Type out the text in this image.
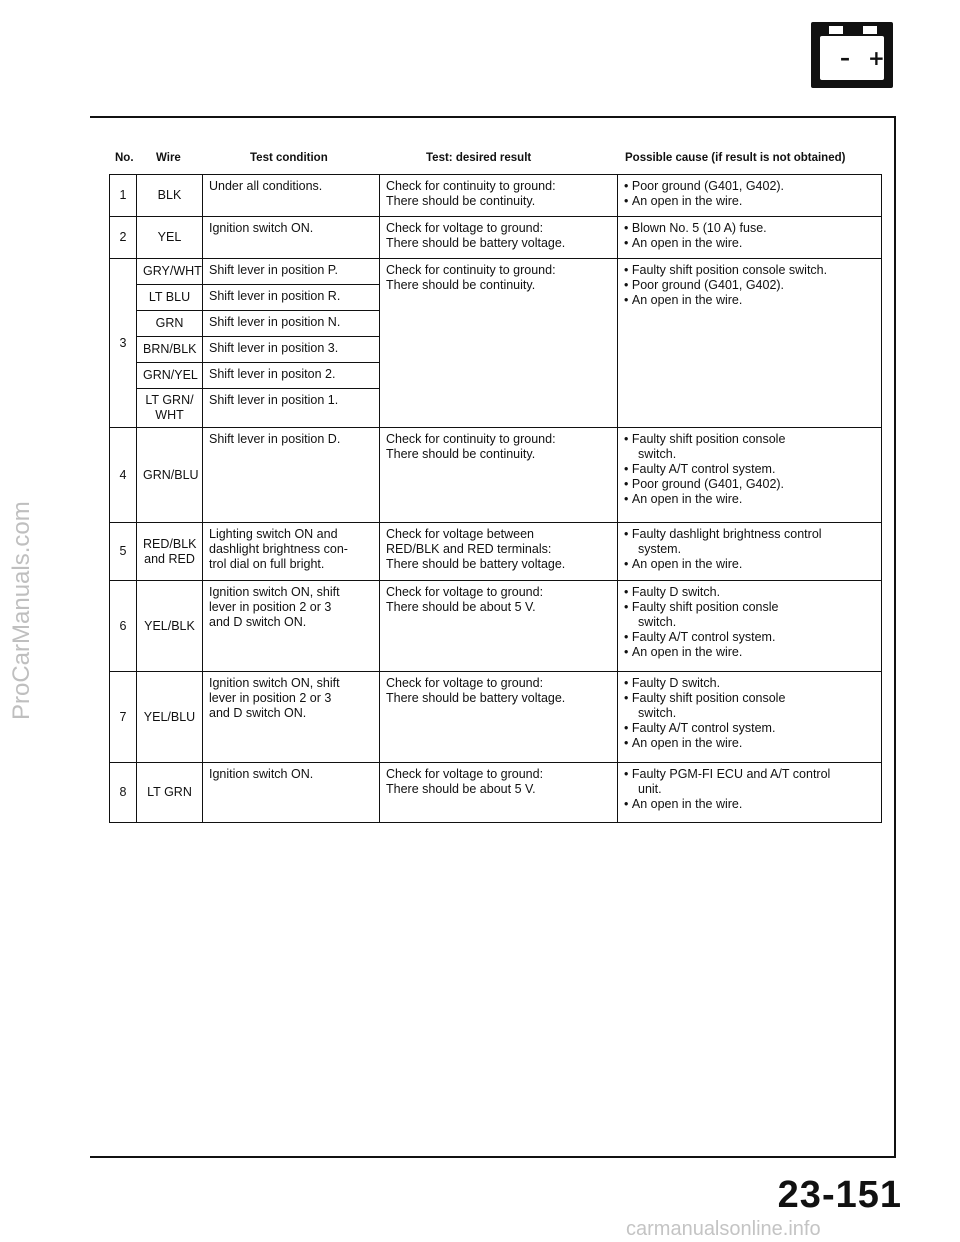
– +
ProCarManuals.com
No. Wire	Test condition	Test: desired result	Possible cause (if result is not obtained)
1	BLK	Under all conditions.	Check for continuity to ground:
There should be continuity.	• Poor ground (G401, G402).
• An open in the wire.

2	YEL	Ignition switch ON.	Check for voltage to ground:
There should be battery voltage.	• Blown No. 5 (10 A) fuse.
• An open in the wire.

3	GRY/WHT	Shift lever in position P.	Check for continuity to ground:
There should be continuity.	• Faulty shift position console switch.
• Poor ground (G401, G402).
• An open in the wire.

	LT BLU	Shift lever in position R.		
	GRN	Shift lever in position N.		
	BRN/BLK	Shift lever in position 3.		
	GRN/YEL	Shift lever in positon 2.		

	LT GRN/
WHT	Shift lever in position 1.		
4	GRN/BLU	Shift lever in position D.	Check for continuity to ground:
There should be continuity.	• Faulty shift position console
switch.
• Faulty A/T control system.
• Poor ground (G401, G402).
• An open in the wire.

5	RED/BLK
and RED	Lighting switch ON and
dashlight brightness con-
trol dial on full bright.	Check for voltage between
RED/BLK and RED terminals:
There should be battery voltage.	• Faulty dashlight brightness control
system.
• An open in the wire.

6	YEL/BLK	Ignition switch ON, shift
lever in position 2 or 3
and D switch ON.	Check for voltage to ground:
There should be about 5 V.	• Faulty D switch.
• Faulty shift position consle
switch.
• Faulty A/T control system.
• An open in the wire.

7	YEL/BLU	Ignition switch ON, shift
lever in position 2 or 3
and D switch ON.	Check for voltage to ground:
There should be battery voltage.	• Faulty D switch.
• Faulty shift position console
switch.
• Faulty A/T control system.
• An open in the wire.

8	LT GRN	Ignition switch ON.	Check for voltage to ground:
There should be about 5 V.	• Faulty PGM-FI ECU and A/T control
unit.
• An open in the wire.
23-151
carmanualsonline.info
